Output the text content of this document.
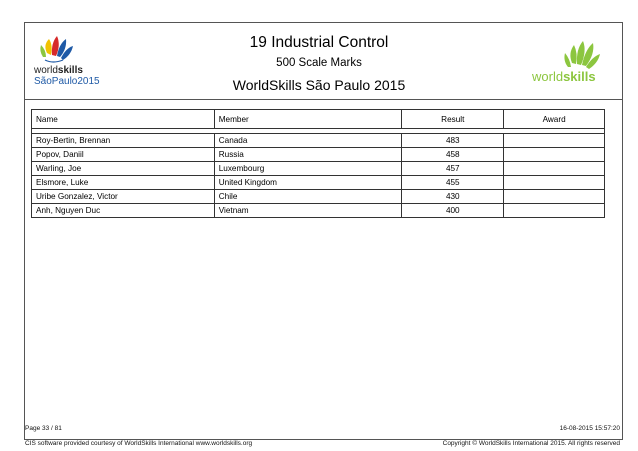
worldskills
SãoPaulo2015
19 Industrial Control
500 Scale Marks
WorldSkills São Paulo 2015
worldskills
Name	Member	Result	Award

Roy-Bertin, Brennan	Canada	483	
Popov, Daniil	Russia	458	
Warling, Joe	Luxembourg	457	
Elsmore, Luke	United Kingdom	455	
Uribe Gonzalez, Victor	Chile	430	
Anh, Nguyen Duc	Vietnam	400	
Page 33 / 81	16-08-2015 15:57:20
CIS software provided courtesy of WorldSkills International www.worldskills.org	Copyright © WorldSkills International 2015. All rights reserved
